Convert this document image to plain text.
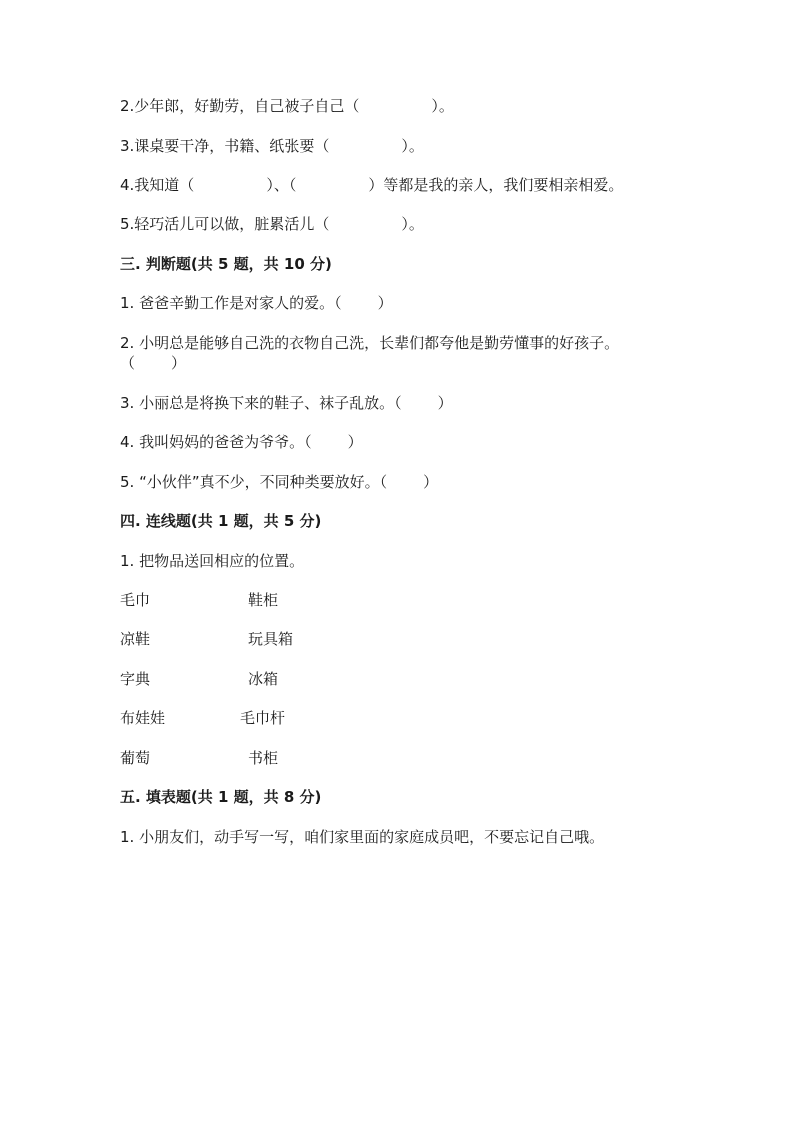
2.少年郎，好勤劳，自己被子自己（	）。
3.课桌要干净，书籍、纸张要（	）。
4.我知道（	）、（	）等都是我的亲人，我们要相亲相爱。
5.轻巧活儿可以做，脏累活儿（	）。
三. 判断题(共 5 题，共 10 分)
1. 爸爸辛勤工作是对家人的爱。（ ）
2. 小明总是能够自己洗的衣物自己洗，长辈们都夸他是勤劳懂事的好孩子。
（ ）
3. 小丽总是将换下来的鞋子、袜子乱放。（ ）
4. 我叫妈妈的爸爸为爷爷。（ ）
5. “小伙伴”真不少，不同种类要放好。（ ）
四. 连线题(共 1 题，共 5 分)
1. 把物品送回相应的位置。
毛巾	鞋柜
凉鞋	玩具箱
字典	冰箱
布娃娃	毛巾杆
葡萄	书柜
五. 填表题(共 1 题，共 8 分)
1. 小朋友们，动手写一写，咱们家里面的家庭成员吧，不要忘记自己哦。
